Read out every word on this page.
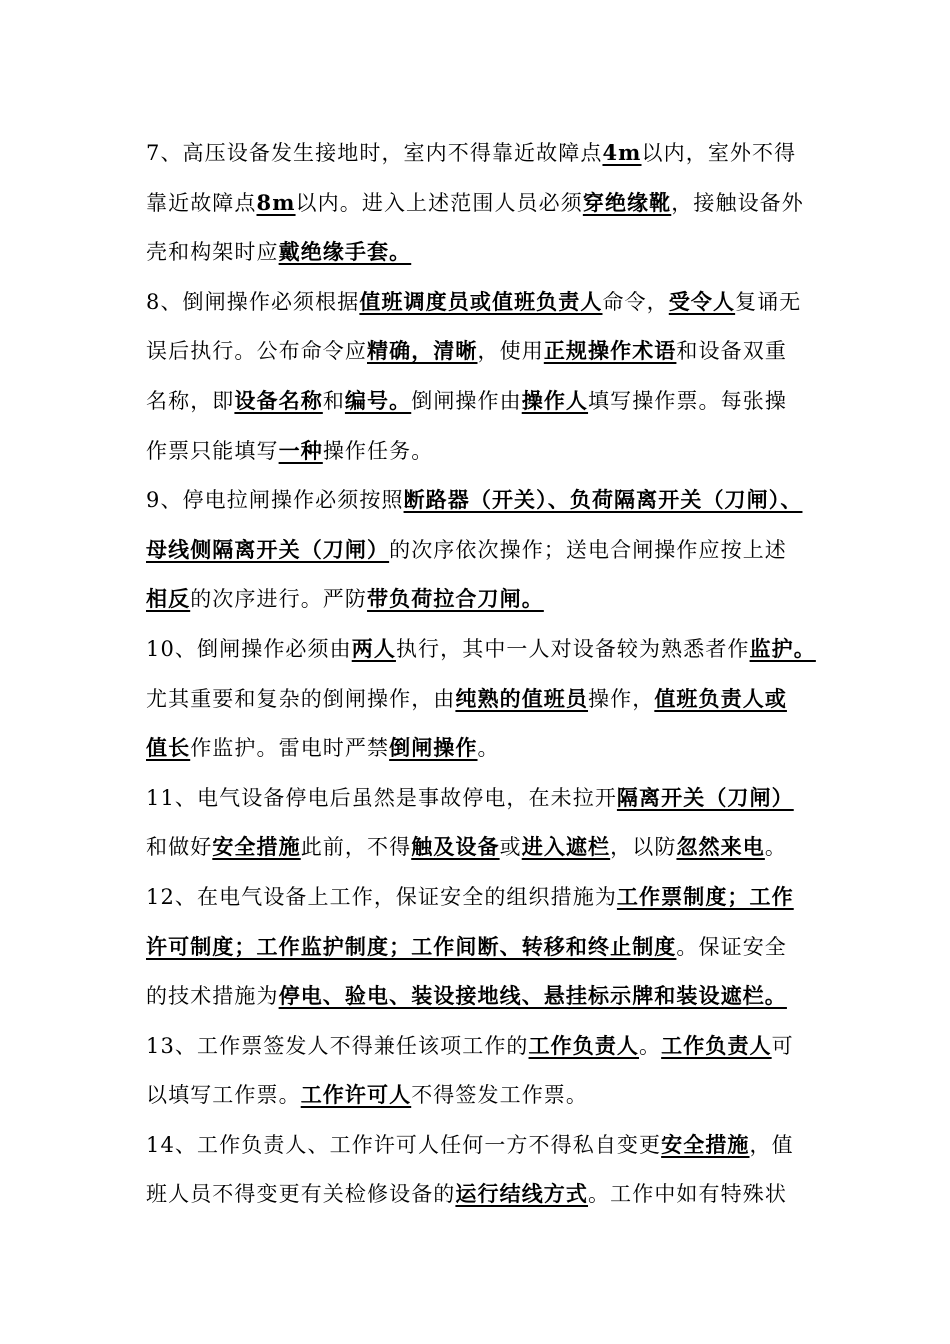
7、高压设备发生接地时，室内不得靠近故障点4m以内，室外不得
靠近故障点8m以内。进入上述范围人员必须穿绝缘靴，接触设备外
壳和构架时应戴绝缘手套。
8、倒闸操作必须根据值班调度员或值班负责人命令，受令人复诵无
误后执行。公布命令应精确，清晰，使用正规操作术语和设备双重
名称，即设备名称和编号。倒闸操作由操作人填写操作票。每张操
作票只能填写一种操作任务。
9、停电拉闸操作必须按照断路器（开关）、负荷隔离开关（刀闸）、
母线侧隔离开关（刀闸）的次序依次操作；送电合闸操作应按上述
相反的次序进行。严防带负荷拉合刀闸。
10、倒闸操作必须由两人执行，其中一人对设备较为熟悉者作监护。
尤其重要和复杂的倒闸操作，由纯熟的值班员操作，值班负责人或
值长作监护。雷电时严禁倒闸操作。
11、电气设备停电后虽然是事故停电，在未拉开隔离开关（刀闸）
和做好安全措施此前，不得触及设备或进入遮栏，以防忽然来电。
12、在电气设备上工作，保证安全的组织措施为工作票制度；工作
许可制度；工作监护制度；工作间断、转移和终止制度。保证安全
的技术措施为停电、验电、装设接地线、悬挂标示牌和装设遮栏。
13、工作票签发人不得兼任该项工作的工作负责人。工作负责人可
以填写工作票。工作许可人不得签发工作票。
14、工作负责人、工作许可人任何一方不得私自变更安全措施，值
班人员不得变更有关检修设备的运行结线方式。工作中如有特殊状
